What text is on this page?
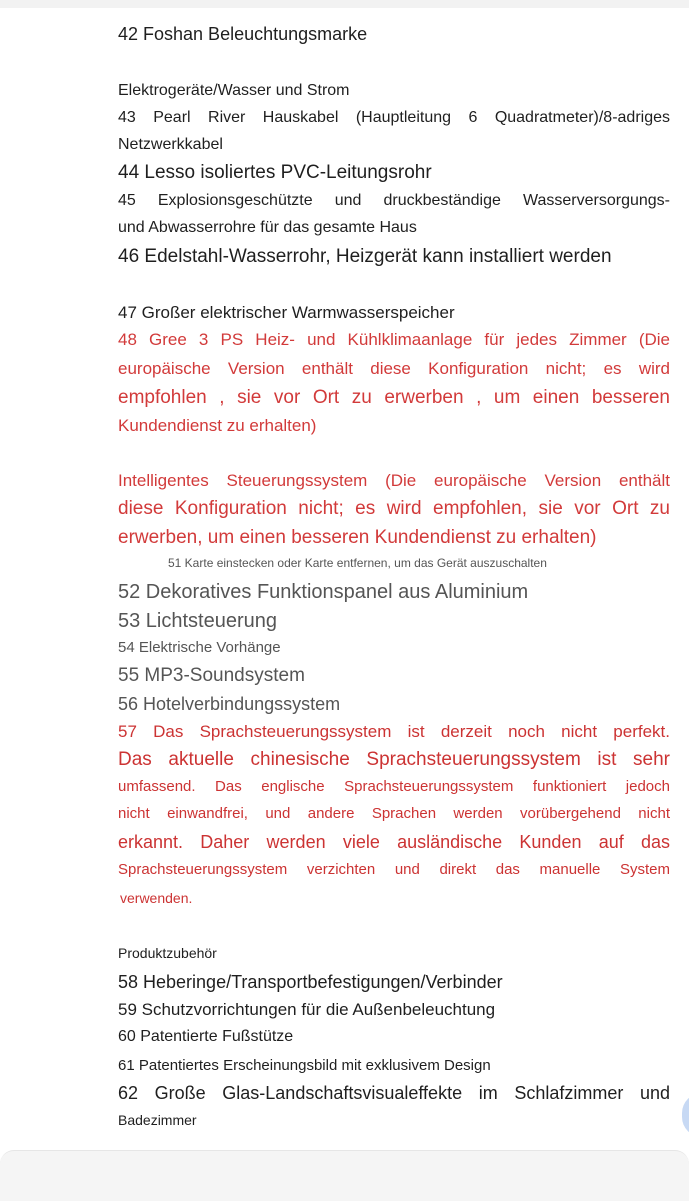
42 Foshan Beleuchtungsmarke
Elektrogeräte/Wasser und Strom
43 Pearl River Hauskabel (Hauptleitung 6 Quadratmeter)/8-adriges
Netzwerkkabel
44 Lesso isoliertes PVC-Leitungsrohr
45 Explosionsgeschützte und druckbeständige Wasserversorgungs-
und Abwasserrohre für das gesamte Haus
46 Edelstahl-Wasserrohr, Heizgerät kann installiert werden
47 Großer elektrischer Warmwasserspeicher
48 Gree 3 PS Heiz- und Kühlklimaanlage für jedes Zimmer (Die
europäische Version enthält diese Konfiguration nicht; es wird
empfohlen , sie vor Ort zu erwerben , um einen besseren
Kundendienst zu erhalten)
Intelligentes Steuerungssystem (Die europäische Version enthält
diese Konfiguration nicht; es wird empfohlen, sie vor Ort zu
erwerben, um einen besseren Kundendienst zu erhalten)
51 Karte einstecken oder Karte entfernen, um das Gerät auszuschalten
52 Dekoratives Funktionspanel aus Aluminium
53 Lichtsteuerung
54 Elektrische Vorhänge
55 MP3-Soundsystem
56 Hotelverbindungssystem
57 Das Sprachsteuerungssystem ist derzeit noch nicht perfekt.
Das aktuelle chinesische Sprachsteuerungssystem ist sehr
umfassend. Das englische Sprachsteuerungssystem funktioniert jedoch
nicht einwandfrei, und andere Sprachen werden vorübergehend nicht
erkannt. Daher werden viele ausländische Kunden auf das
Sprachsteuerungssystem verzichten und direkt das manuelle System
verwenden.
Produktzubehör
58 Heberinge/Transportbefestigungen/Verbinder
59 Schutzvorrichtungen für die Außenbeleuchtung
60 Patentierte Fußstütze
61 Patentiertes Erscheinungsbild mit exklusivem Design
62 Große Glas-Landschaftsvisualeffekte im Schlafzimmer und
Badezimmer
